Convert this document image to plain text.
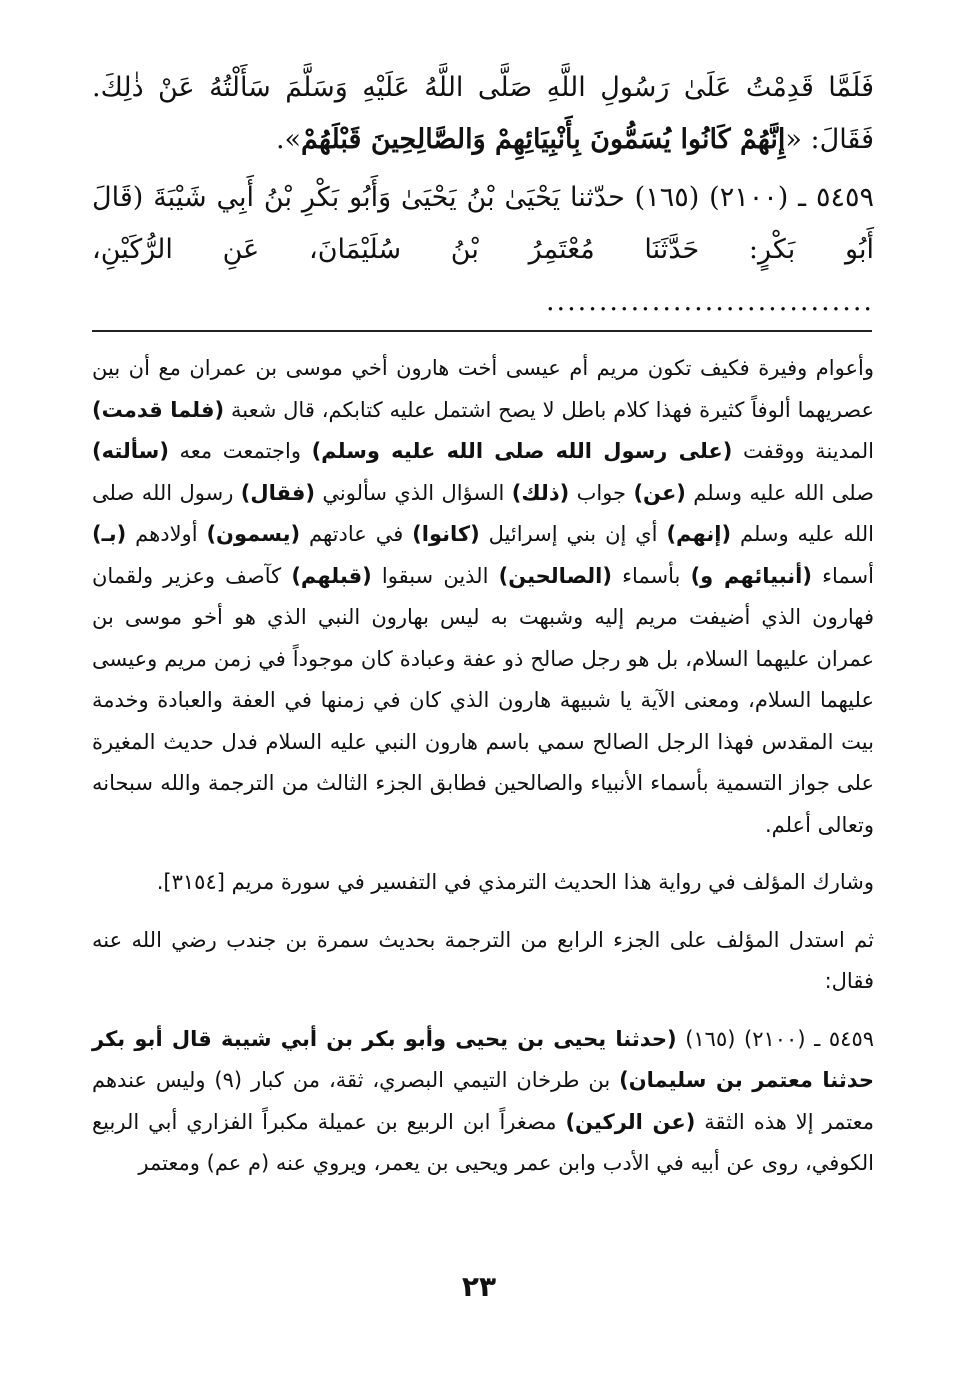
فَلَمَّا قَدِمْتُ عَلَىٰ رَسُولِ اللَّهِ صَلَّى اللَّهُ عَلَيْهِ وَسَلَّمَ سَأَلْتُهُ عَنْ ذٰلِكَ. فَقَالَ: «إِنَّهُمْ كَانُوا يُسَمُّونَ بِأَنْبِيَائِهِمْ وَالصَّالِحِينَ قَبْلَهُمْ».

٥٤٥٩ ـ (٢١٠٠) (١٦٥) حدّثنا يَحْيَىٰ بْنُ يَحْيَىٰ وَأَبُو بَكْرِ بْنُ أَبِي شَيْبَةَ (قَالَ أَبُو بَكْرٍ: حَدَّثَنَا مُعْتَمِرُ بْنُ سُلَيْمَانَ، عَنِ الرُّكَيْنِ، ...............................

وأعوام وفيرة فكيف تكون مريم أم عيسى أخت هارون أخي موسى بن عمران مع أن بين عصريهما ألوفاً كثيرة فهذا كلام باطل لا يصح اشتمل عليه كتابكم، قال شعبة (فلما قدمت) المدينة ووقفت (على رسول الله صلى الله عليه وسلم) واجتمعت معه (سألته) صلى الله عليه وسلم (عن) جواب (ذلك) السؤال الذي سألوني (فقال) رسول الله صلى الله عليه وسلم (إنهم) أي إن بني إسرائيل (كانوا) في عادتهم (يسمون) أولادهم (بـ) أسماء (أنبيائهم و) بأسماء (الصالحين) الذين سبقوا (قبلهم) كآصف وعزير ولقمان فهارون الذي أضيفت مريم إليه وشبهت به ليس بهارون النبي الذي هو أخو موسى بن عمران عليهما السلام، بل هو رجل صالح ذو عفة وعبادة كان موجوداً في زمن مريم وعيسى عليهما السلام، ومعنى الآية يا شبيهة هارون الذي كان في زمنها في العفة والعبادة وخدمة بيت المقدس فهذا الرجل الصالح سمي باسم هارون النبي عليه السلام فدل حديث المغيرة على جواز التسمية بأسماء الأنبياء والصالحين فطابق الجزء الثالث من الترجمة والله سبحانه وتعالى أعلم.

وشارك المؤلف في رواية هذا الحديث الترمذي في التفسير في سورة مريم [٣١٥٤].

ثم استدل المؤلف على الجزء الرابع من الترجمة بحديث سمرة بن جندب رضي الله عنه فقال:

٥٤٥٩ ـ (٢١٠٠) (١٦٥) (حدثنا يحيى بن يحيى وأبو بكر بن أبي شيبة قال أبو بكر حدثنا معتمر بن سليمان) بن طرخان التيمي البصري، ثقة، من كبار (٩) وليس عندهم معتمر إلا هذه الثقة (عن الركين) مصغراً ابن الربيع بن عميلة مكبراً الفزاري أبي الربيع الكوفي، روى عن أبيه في الأدب وابن عمر ويحيى بن يعمر، ويروي عنه (م عم) ومعتمر

٢٣
